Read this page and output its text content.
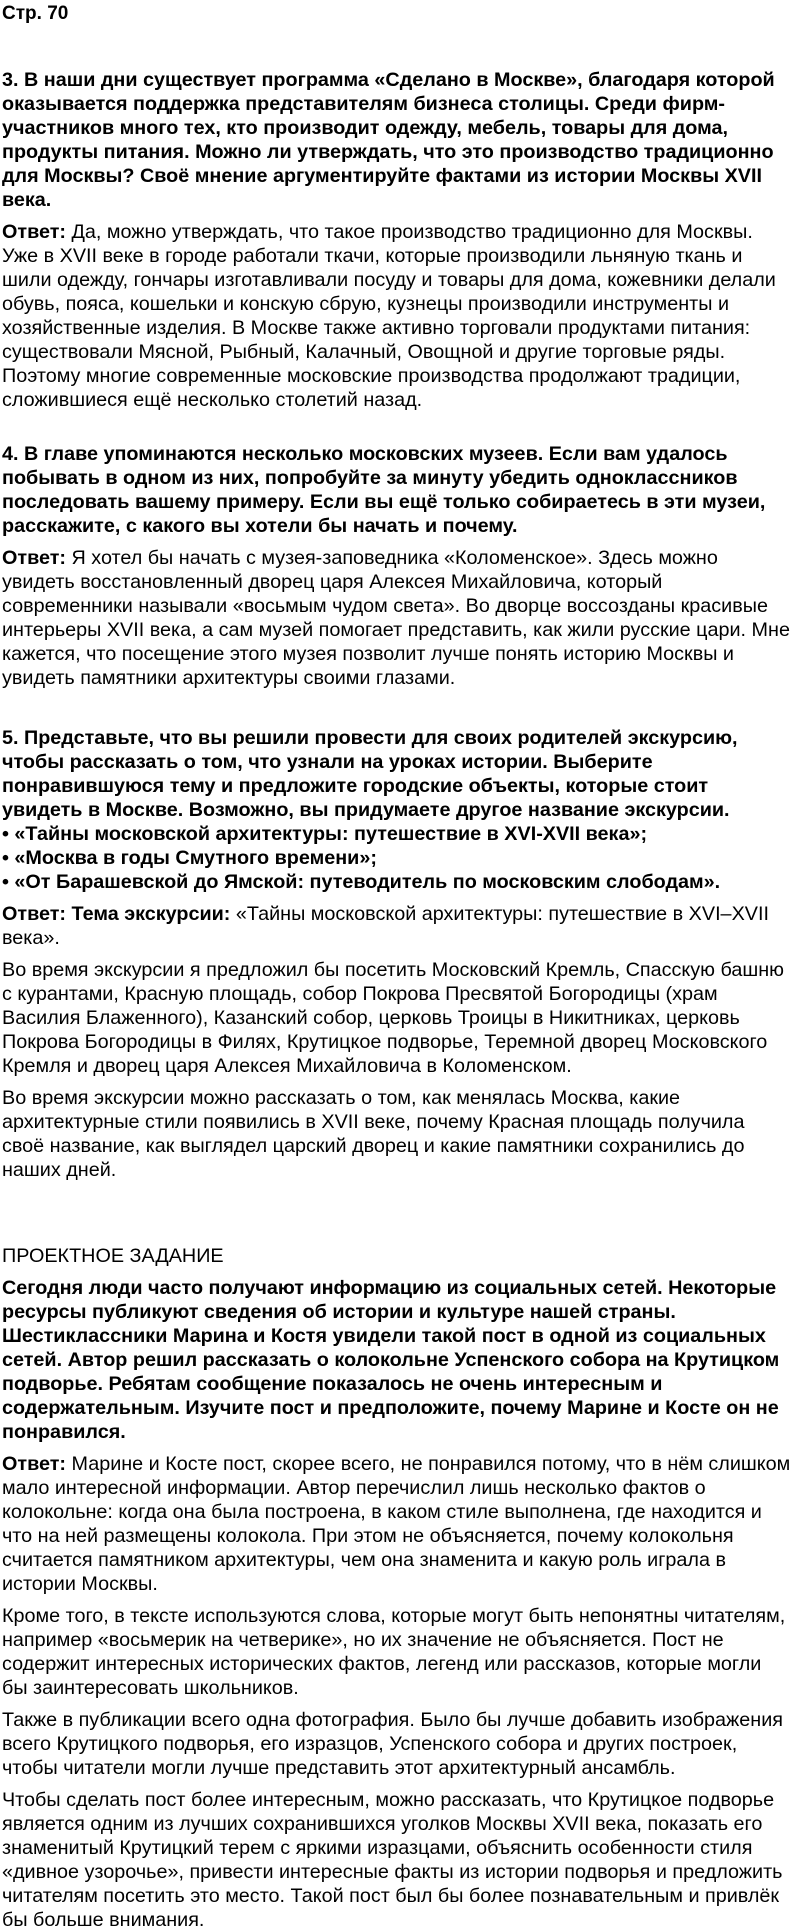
Стр. 70

3. В наши дни существует программа «Сделано в Москве», благодаря которой оказывается поддержка представителям бизнеса столицы. Среди фирм-участников много тех, кто производит одежду, мебель, товары для дома, продукты питания. Можно ли утверждать, что это производство традиционно для Москвы? Своё мнение аргументируйте фактами из истории Москвы XVII века.

Ответ: Да, можно утверждать, что такое производство традиционно для Москвы. Уже в XVII веке в городе работали ткачи, которые производили льняную ткань и шили одежду, гончары изготавливали посуду и товары для дома, кожевники делали обувь, пояса, кошельки и конскую сбрую, кузнецы производили инструменты и хозяйственные изделия. В Москве также активно торговали продуктами питания: существовали Мясной, Рыбный, Калачный, Овощной и другие торговые ряды. Поэтому многие современные московские производства продолжают традиции, сложившиеся ещё несколько столетий назад.

4. В главе упоминаются несколько московских музеев. Если вам удалось побывать в одном из них, попробуйте за минуту убедить одноклассников последовать вашему примеру. Если вы ещё только собираетесь в эти музеи, расскажите, с какого вы хотели бы начать и почему.

Ответ: Я хотел бы начать с музея-заповедника «Коломенское». Здесь можно увидеть восстановленный дворец царя Алексея Михайловича, который современники называли «восьмым чудом света». Во дворце воссозданы красивые интерьеры XVII века, а сам музей помогает представить, как жили русские цари. Мне кажется, что посещение этого музея позволит лучше понять историю Москвы и увидеть памятники архитектуры своими глазами.

5. Представьте, что вы решили провести для своих родителей экскурсию, чтобы рассказать о том, что узнали на уроках истории. Выберите понравившуюся тему и предложите городские объекты, которые стоит увидеть в Москве. Возможно, вы придумаете другое название экскурсии.

• «Тайны московской архитектуры: путешествие в XVI-XVII века»;

• «Москва в годы Смутного времени»;

• «От Барашевской до Ямской: путеводитель по московским слободам».

Ответ: Тема экскурсии: «Тайны московской архитектуры: путешествие в XVI–XVII века».

Во время экскурсии я предложил бы посетить Московский Кремль, Спасскую башню с курантами, Красную площадь, собор Покрова Пресвятой Богородицы (храм Василия Блаженного), Казанский собор, церковь Троицы в Никитниках, церковь Покрова Богородицы в Филях, Крутицкое подворье, Теремной дворец Московского Кремля и дворец царя Алексея Михайловича в Коломенском.

Во время экскурсии можно рассказать о том, как менялась Москва, какие архитектурные стили появились в XVII веке, почему Красная площадь получила своё название, как выглядел царский дворец и какие памятники сохранились до наших дней.

ПРОЕКТНОЕ ЗАДАНИЕ

Сегодня люди часто получают информацию из социальных сетей. Некоторые ресурсы публикуют сведения об истории и культуре нашей страны. Шестиклассники Марина и Костя увидели такой пост в одной из социальных сетей. Автор решил рассказать о колокольне Успенского собора на Крутицком подворье. Ребятам сообщение показалось не очень интересным и содержательным. Изучите пост и предположите, почему Марине и Косте он не понравился.

Ответ: Марине и Косте пост, скорее всего, не понравился потому, что в нём слишком мало интересной информации. Автор перечислил лишь несколько фактов о колокольне: когда она была построена, в каком стиле выполнена, где находится и что на ней размещены колокола. При этом не объясняется, почему колокольня считается памятником архитектуры, чем она знаменита и какую роль играла в истории Москвы.

Кроме того, в тексте используются слова, которые могут быть непонятны читателям, например «восьмерик на четверике», но их значение не объясняется. Пост не содержит интересных исторических фактов, легенд или рассказов, которые могли бы заинтересовать школьников.

Также в публикации всего одна фотография. Было бы лучше добавить изображения всего Крутицкого подворья, его изразцов, Успенского собора и других построек, чтобы читатели могли лучше представить этот архитектурный ансамбль.

Чтобы сделать пост более интересным, можно рассказать, что Крутицкое подворье является одним из лучших сохранившихся уголков Москвы XVII века, показать его знаменитый Крутицкий терем с яркими изразцами, объяснить особенности стиля «дивное узорочье», привести интересные факты из истории подворья и предложить читателям посетить это место. Такой пост был бы более познавательным и привлёк бы больше внимания.
